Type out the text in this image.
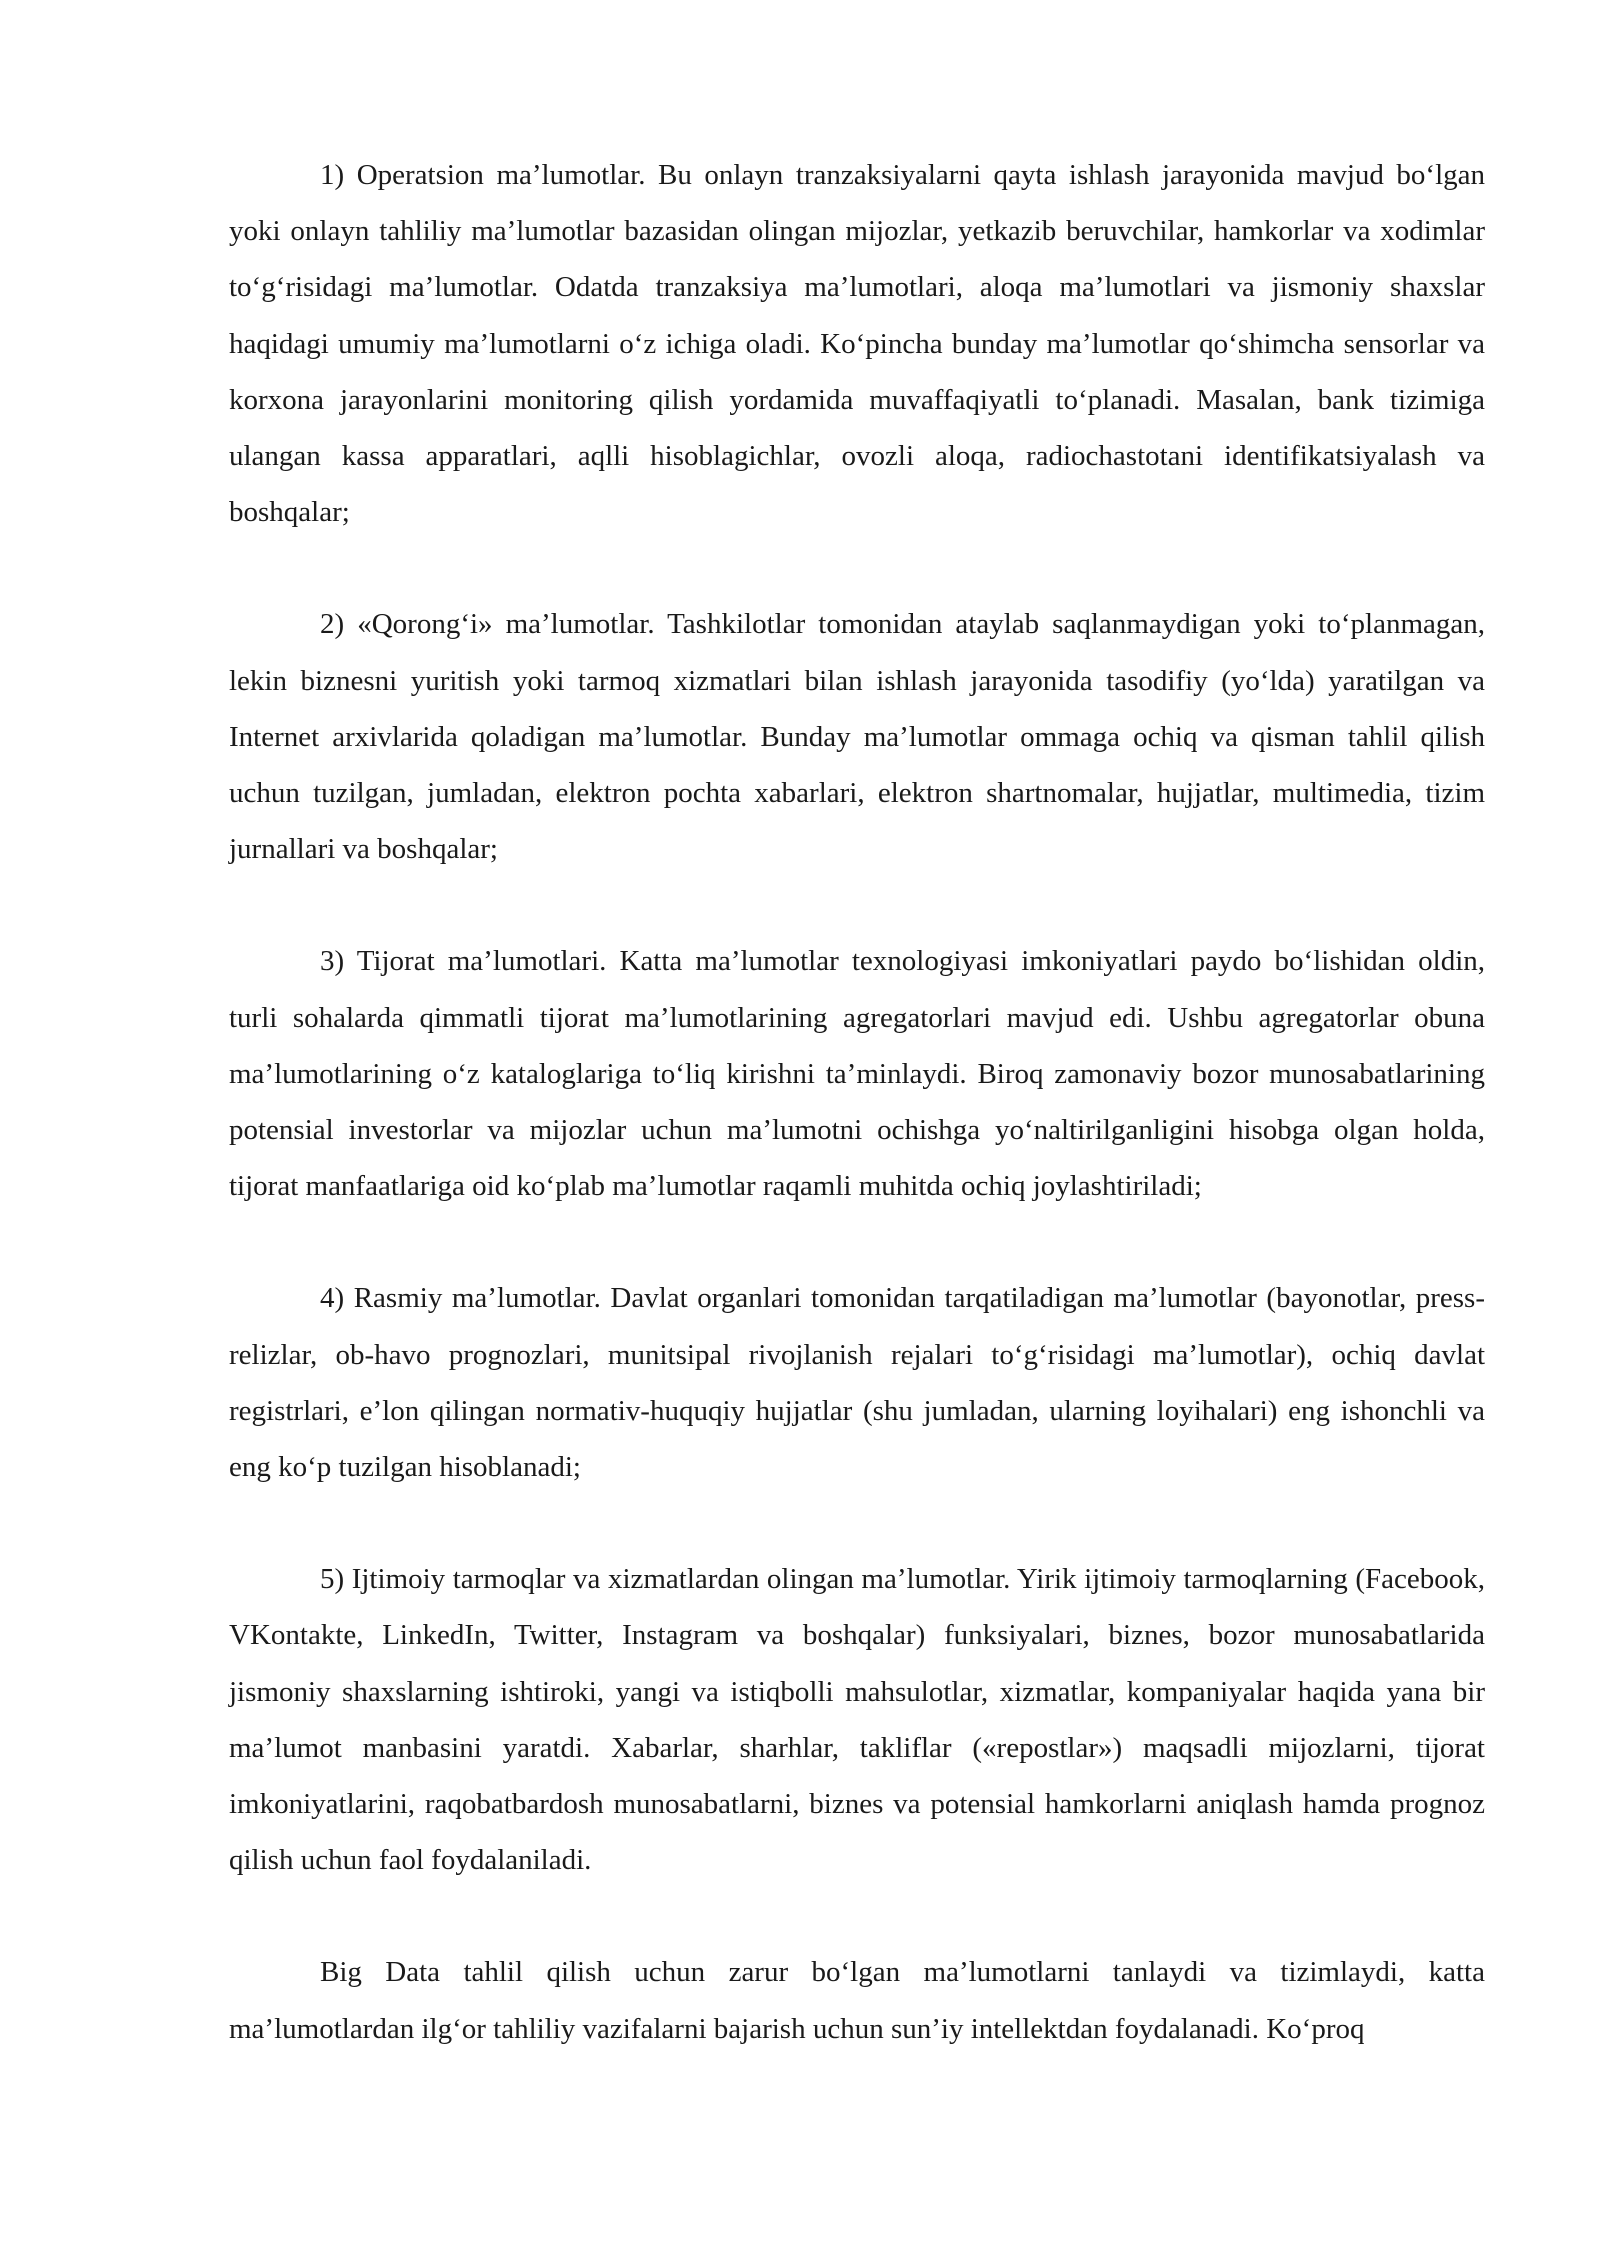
1) Operatsion ma’lumotlar. Bu onlayn tranzaksiyalarni qayta ishlash jarayonida mavjud bo‘lgan yoki onlayn tahliliy ma’lumotlar bazasidan olingan mijozlar, yetkazib beruvchilar, hamkorlar va xodimlar to‘g‘risidagi ma’lumotlar. Odatda tranzaksiya ma’lumotlari, aloqa ma’lumotlari va jismoniy shaxslar haqidagi umumiy ma’lumotlarni o‘z ichiga oladi. Ko‘pincha bunday ma’lumotlar qo‘shimcha sensorlar va korxona jarayonlarini monitoring qilish yordamida muvaffaqiyatli to‘planadi. Masalan, bank tizimiga ulangan kassa apparatlari, aqlli hisoblagichlar, ovozli aloqa, radiochastotani identifikatsiyalash va boshqalar;

2) «Qorong‘i» ma’lumotlar. Tashkilotlar tomonidan ataylab saqlanmaydigan yoki to‘planmagan, lekin biznesni yuritish yoki tarmoq xizmatlari bilan ishlash jarayonida tasodifiy (yo‘lda) yaratilgan va Internet arxivlarida qoladigan ma’lumotlar. Bunday ma’lumotlar ommaga ochiq va qisman tahlil qilish uchun tuzilgan, jumladan, elektron pochta xabarlari, elektron shartnomalar, hujjatlar, multimedia, tizim jurnallari va boshqalar;

3) Tijorat ma’lumotlari. Katta ma’lumotlar texnologiyasi imkoniyatlari paydo bo‘lishidan oldin, turli sohalarda qimmatli tijorat ma’lumotlarining agregatorlari mavjud edi. Ushbu agregatorlar obuna ma’lumotlarining o‘z kataloglariga to‘liq kirishni ta’minlaydi. Biroq zamonaviy bozor munosabatlarining potensial investorlar va mijozlar uchun ma’lumotni ochishga yo‘naltirilganligini hisobga olgan holda, tijorat manfaatlariga oid ko‘plab ma’lumotlar raqamli muhitda ochiq joylashtiriladi;

4) Rasmiy ma’lumotlar. Davlat organlari tomonidan tarqatiladigan ma’lumotlar (bayonotlar, press-relizlar, ob-havo prognozlari, munitsipal rivojlanish rejalari to‘g‘risidagi ma’lumotlar), ochiq davlat registrlari, e’lon qilingan normativ-huquqiy hujjatlar (shu jumladan, ularning loyihalari) eng ishonchli va eng ko‘p tuzilgan hisoblanadi;

5) Ijtimoiy tarmoqlar va xizmatlardan olingan ma’lumotlar. Yirik ijtimoiy tarmoqlarning (Facebook, VKontakte, LinkedIn, Twitter, Instagram va boshqalar) funksiyalari, biznes, bozor munosabatlarida jismoniy shaxslarning ishtiroki, yangi va istiqbolli mahsulotlar, xizmatlar, kompaniyalar haqida yana bir ma’lumot manbasini yaratdi. Xabarlar, sharhlar, takliflar («repostlar») maqsadli mijozlarni, tijorat imkoniyatlarini, raqobatbardosh munosabatlarni, biznes va potensial hamkorlarni aniqlash hamda prognoz qilish uchun faol foydalaniladi.

Big Data tahlil qilish uchun zarur bo‘lgan ma’lumotlarni tanlaydi va tizimlaydi, katta ma’lumotlardan ilg‘or tahliliy vazifalarni bajarish uchun sun’iy intellektdan foydalanadi. Ko‘proq
